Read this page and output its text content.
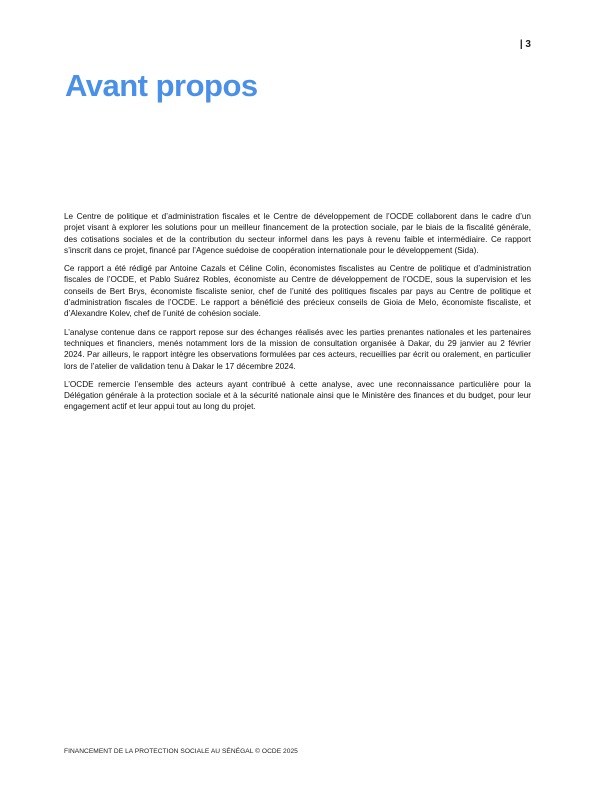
| 3
Avant propos

Le Centre de politique et d’administration fiscales et le Centre de développement de l’OCDE collaborent dans le cadre d’un projet visant à explorer les solutions pour un meilleur financement de la protection sociale, par le biais de la fiscalité générale, des cotisations sociales et de la contribution du secteur informel dans les pays à revenu faible et intermédiaire. Ce rapport s’inscrit dans ce projet, financé par l’Agence suédoise de coopération internationale pour le développement (Sida).

Ce rapport a été rédigé par Antoine Cazals et Céline Colin, économistes fiscalistes au Centre de politique et d’administration fiscales de l’OCDE, et Pablo Suárez Robles, économiste au Centre de développement de l’OCDE, sous la supervision et les conseils de Bert Brys, économiste fiscaliste senior, chef de l’unité des politiques fiscales par pays au Centre de politique et d’administration fiscales de l’OCDE. Le rapport a bénéficié des précieux conseils de Gioia de Melo, économiste fiscaliste, et d’Alexandre Kolev, chef de l’unité de cohésion sociale.

L’analyse contenue dans ce rapport repose sur des échanges réalisés avec les parties prenantes nationales et les partenaires techniques et financiers, menés notamment lors de la mission de consultation organisée à Dakar, du 29 janvier au 2 février 2024. Par ailleurs, le rapport intègre les observations formulées par ces acteurs, recueillies par écrit ou oralement, en particulier lors de l’atelier de validation tenu à Dakar le 17 décembre 2024.

L’OCDE remercie l’ensemble des acteurs ayant contribué à cette analyse, avec une reconnaissance particulière pour la Délégation générale à la protection sociale et à la sécurité nationale ainsi que le Ministère des finances et du budget, pour leur engagement actif et leur appui tout au long du projet.

FINANCEMENT DE LA PROTECTION SOCIALE AU SÉNÉGAL © OCDE 2025
